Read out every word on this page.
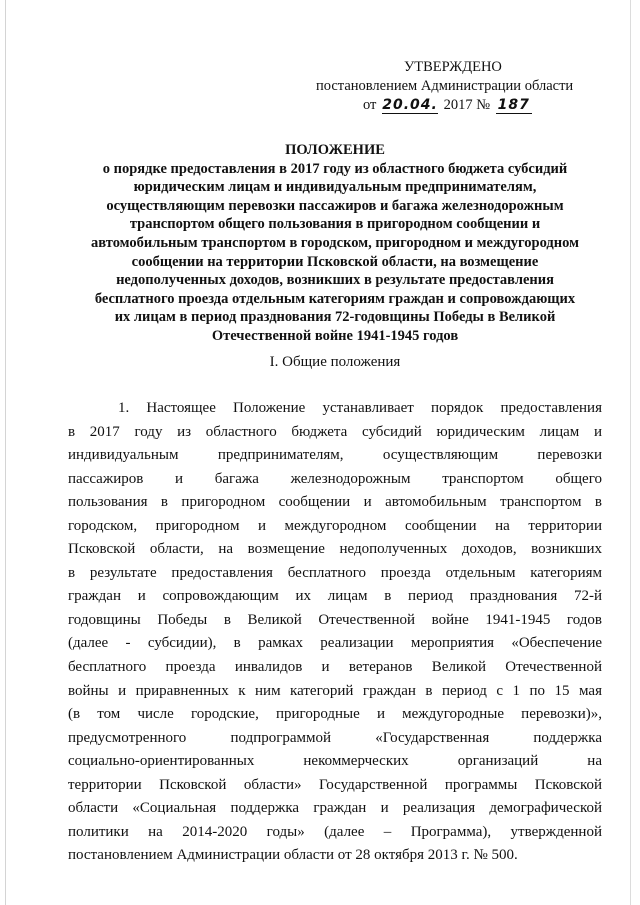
УТВЕРЖДЕНО
постановлением Администрации области
от 20.04. 2017 № 187
ПОЛОЖЕНИЕ
о порядке предоставления в 2017 году из областного бюджета субсидий
юридическим лицам и индивидуальным предпринимателям,
осуществляющим перевозки пассажиров и багажа железнодорожным
транспортом общего пользования в пригородном сообщении и
автомобильным транспортом в городском, пригородном и междугородном
сообщении на территории Псковской области, на возмещение
недополученных доходов, возникших в результате предоставления
бесплатного проезда отдельным категориям граждан и сопровождающих
их лицам в период празднования 72-годовщины Победы в Великой
Отечественной войне 1941-1945 годов
I. Общие положения
1. Настоящее Положение устанавливает порядок предоставления
в 2017 году из областного бюджета субсидий юридическим лицам и
индивидуальным предпринимателям, осуществляющим перевозки
пассажиров и багажа железнодорожным транспортом общего
пользования в пригородном сообщении и автомобильным транспортом в
городском, пригородном и междугородном сообщении на территории
Псковской области, на возмещение недополученных доходов, возникших
в результате предоставления бесплатного проезда отдельным категориям
граждан и сопровождающим их лицам в период празднования 72-й
годовщины Победы в Великой Отечественной войне 1941-1945 годов
(далее - субсидии), в рамках реализации мероприятия «Обеспечение
бесплатного проезда инвалидов и ветеранов Великой Отечественной
войны и приравненных к ним категорий граждан в период с 1 по 15 мая
(в том числе городские, пригородные и междугородные перевозки)»,
предусмотренного подпрограммой «Государственная поддержка
социально-ориентированных некоммерческих организаций на
территории Псковской области» Государственной программы Псковской
области «Социальная поддержка граждан и реализация демографической
политики на 2014-2020 годы» (далее – Программа), утвержденной
постановлением Администрации области от 28 октября 2013 г. № 500.
